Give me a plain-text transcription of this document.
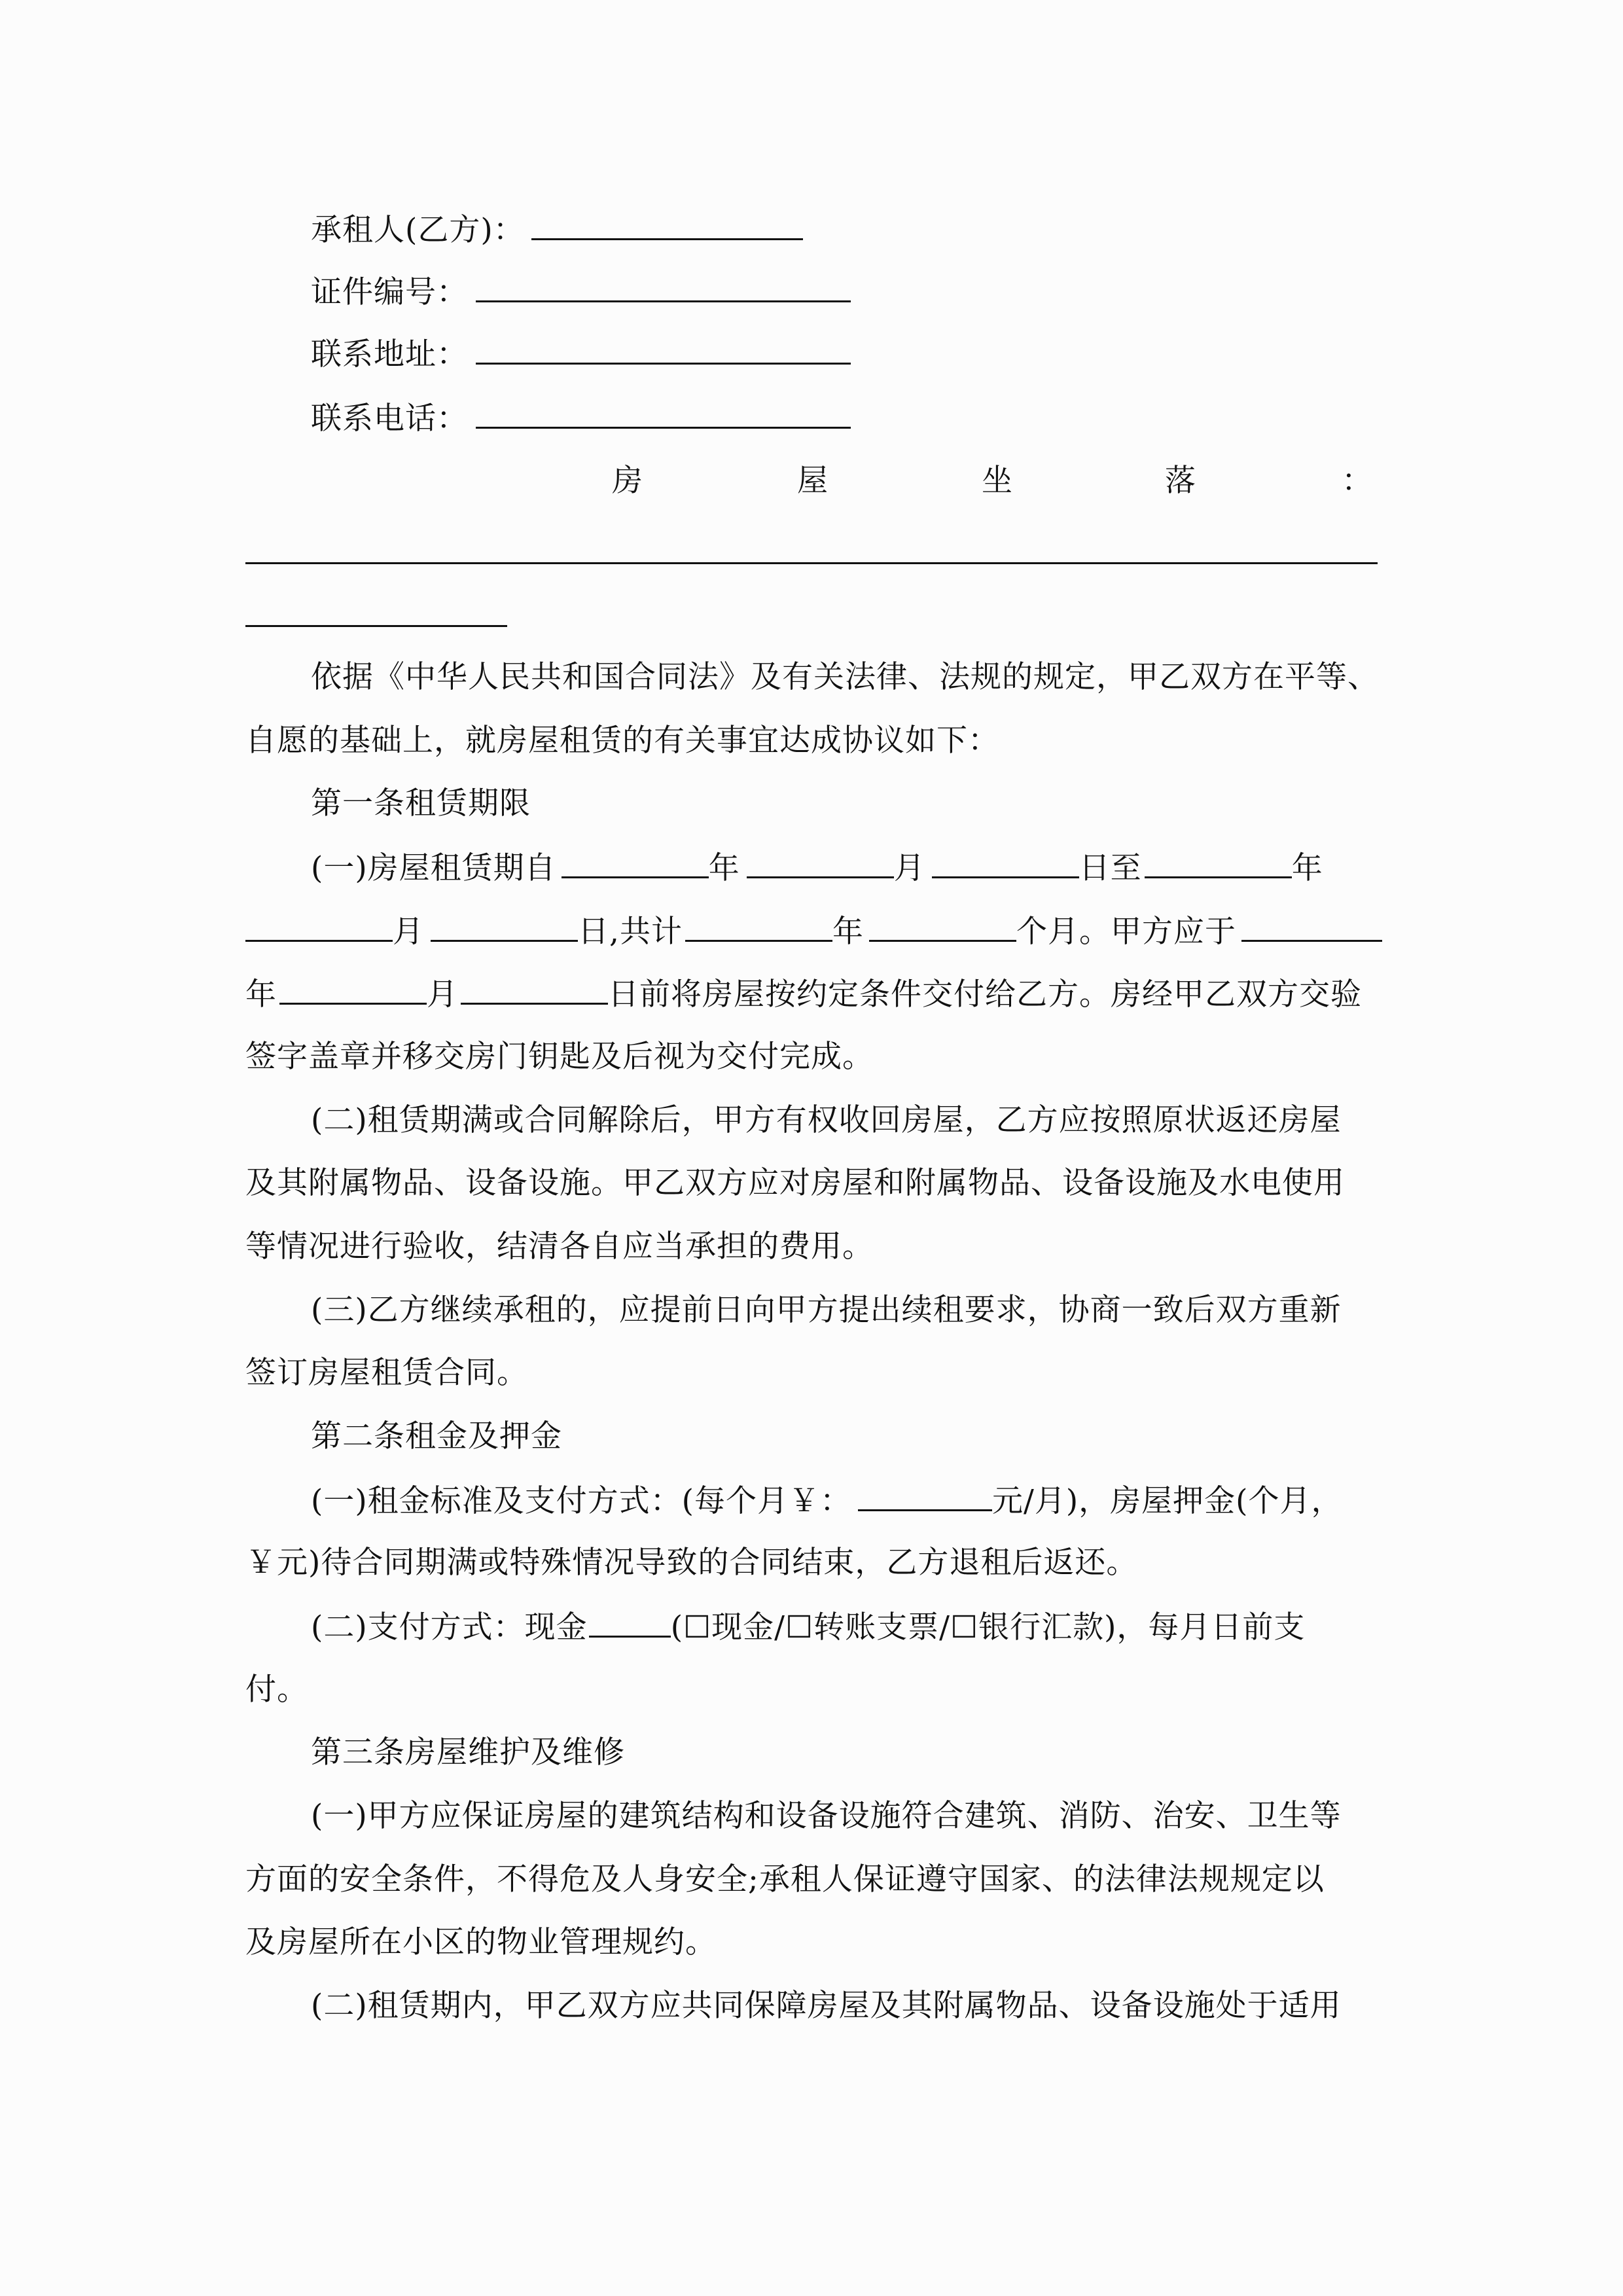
承租人(乙方)：
证件编号：
联系地址：
联系电话：
房	屋	坐	落	：
依据《中华人民共和国合同法》及有关法律、法规的规定，甲乙双方在平等、
自愿的基础上，就房屋租赁的有关事宜达成协议如下：
第一条租赁期限
(一)房屋租赁期自	年	月	日至	年
月	日,共计	年	个月。甲方应于
年	月	日前将房屋按约定条件交付给乙方。房经甲乙双方交验
签字盖章并移交房门钥匙及后视为交付完成。
(二)租赁期满或合同解除后，甲方有权收回房屋，乙方应按照原状返还房屋
及其附属物品、设备设施。甲乙双方应对房屋和附属物品、设备设施及水电使用
等情况进行验收，结清各自应当承担的费用。
(三)乙方继续承租的，应提前日向甲方提出续租要求，协商一致后双方重新
签订房屋租赁合同。
第二条租金及押金
(一)租金标准及支付方式：(每个月￥：	元/月)，房屋押金(个月，
￥元)待合同期满或特殊情况导致的合同结束，乙方退租后返还。
(二)支付方式：现金	(☐现金/☐转账支票/☐银行汇款)，每月日前支
付。
第三条房屋维护及维修
(一)甲方应保证房屋的建筑结构和设备设施符合建筑、消防、治安、卫生等
方面的安全条件，不得危及人身安全;承租人保证遵守国家、的法律法规规定以
及房屋所在小区的物业管理规约。
(二)租赁期内，甲乙双方应共同保障房屋及其附属物品、设备设施处于适用
